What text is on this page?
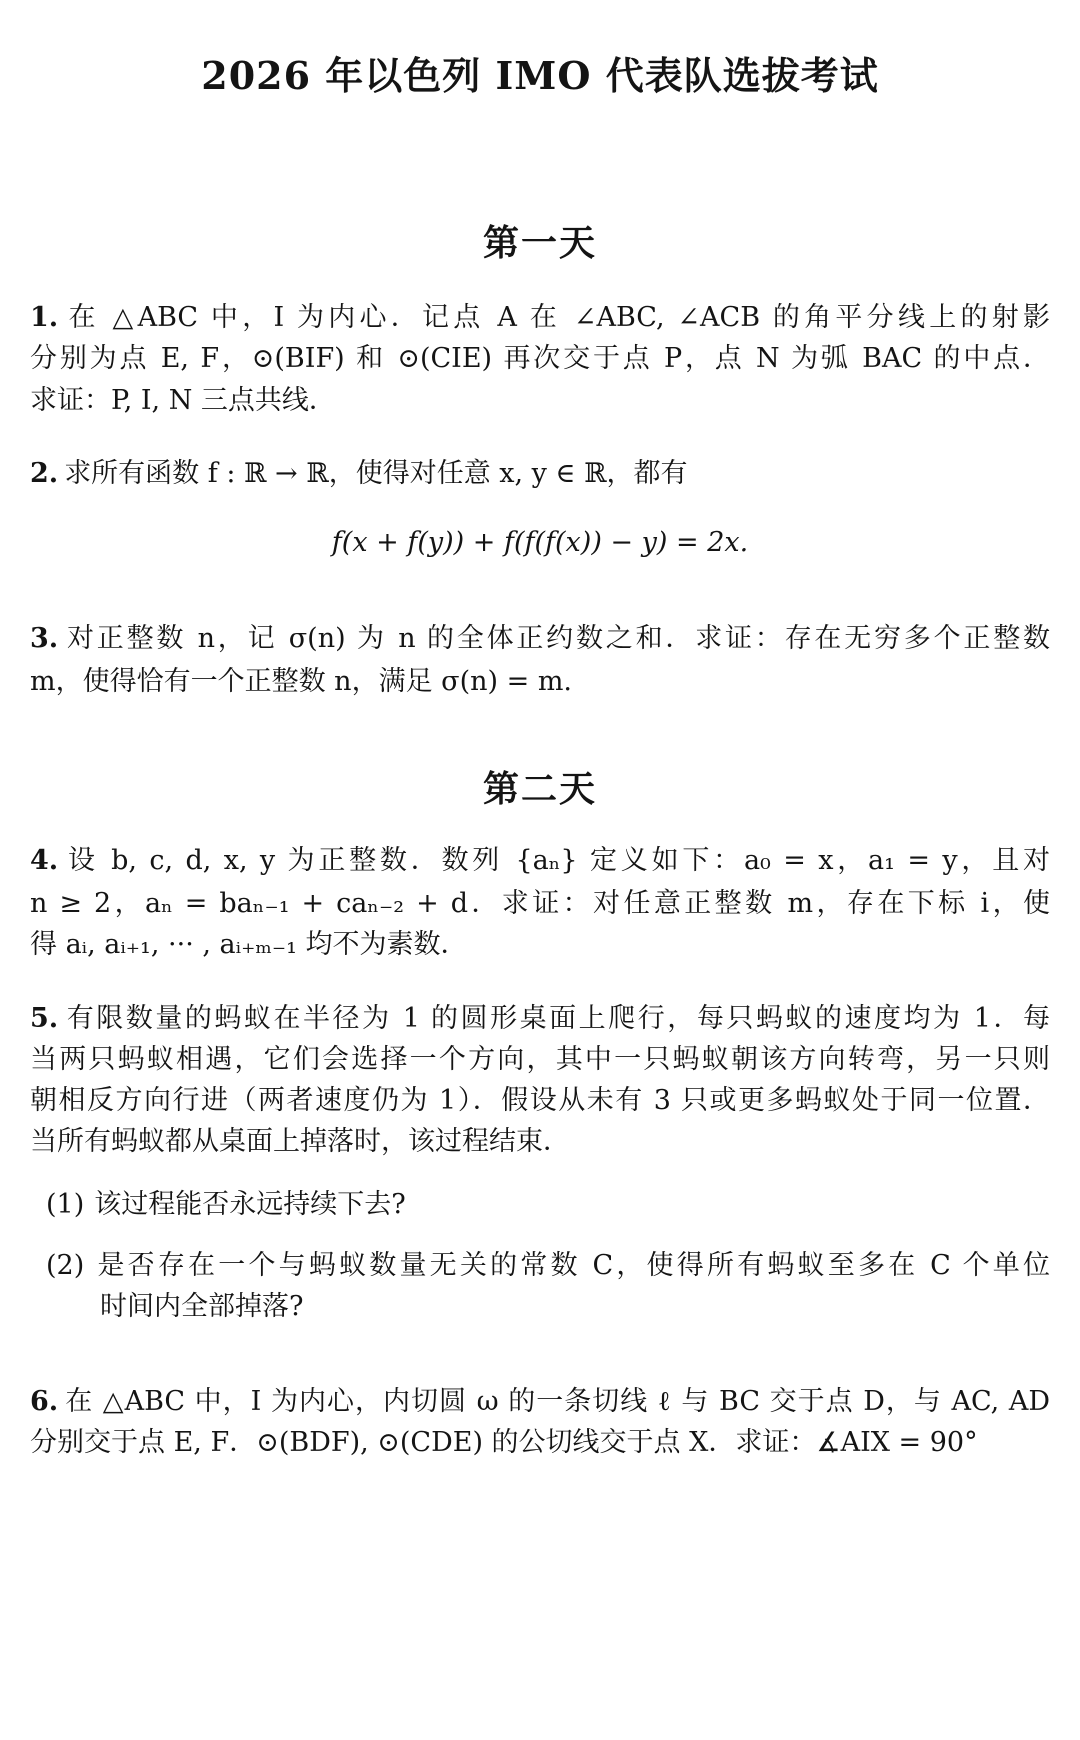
2026 年以色列 IMO 代表队选拔考试
第一天
1. 在 △ABC 中，I 为内心．记点 A 在 ∠ABC, ∠ACB 的角平分线上的射影
分别为点 E, F，⊙(BIF) 和 ⊙(CIE) 再次交于点 P，点 N 为弧 BAC 的中点．
求证：P, I, N 三点共线．
2. 求所有函数 f : ℝ → ℝ，使得对任意 x, y ∈ ℝ，都有
f(x + f(y)) + f(f(f(x)) − y) = 2x.
3. 对正整数 n，记 σ(n) 为 n 的全体正约数之和．求证：存在无穷多个正整数
m，使得恰有一个正整数 n，满足 σ(n) = m.
第二天
4. 设 b, c, d, x, y 为正整数．数列 {aₙ} 定义如下：a₀ = x，a₁ = y，且对
n ≥ 2，aₙ = baₙ₋₁ + caₙ₋₂ + d．求证：对任意正整数 m，存在下标 i，使
得 aᵢ, aᵢ₊₁, ··· , aᵢ₊ₘ₋₁ 均不为素数．
5. 有限数量的蚂蚁在半径为 1 的圆形桌面上爬行，每只蚂蚁的速度均为 1．每
当两只蚂蚁相遇，它们会选择一个方向，其中一只蚂蚁朝该方向转弯，另一只则
朝相反方向行进（两者速度仍为 1）．假设从未有 3 只或更多蚂蚁处于同一位置．
当所有蚂蚁都从桌面上掉落时，该过程结束．
(1) 该过程能否永远持续下去?
(2) 是否存在一个与蚂蚁数量无关的常数 C，使得所有蚂蚁至多在 C 个单位
时间内全部掉落?
6. 在 △ABC 中，I 为内心，内切圆 ω 的一条切线 ℓ 与 BC 交于点 D，与 AC, AD
分别交于点 E, F．⊙(BDF), ⊙(CDE) 的公切线交于点 X．求证：∡AIX = 90°
